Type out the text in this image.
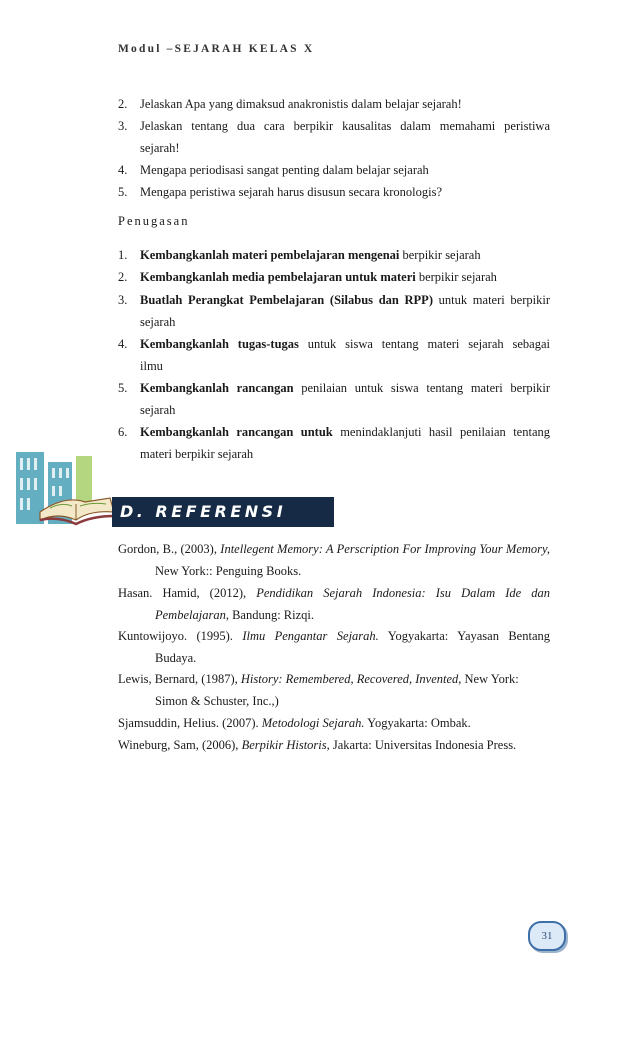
Modul –SEJARAH KELAS X
2.	Jelaskan Apa yang dimaksud anakronistis dalam belajar sejarah!
3.	Jelaskan tentang dua cara berpikir kausalitas dalam memahami peristiwa
sejarah!
4.	Mengapa periodisasi sangat penting dalam belajar sejarah
5.	Mengapa peristiwa sejarah harus disusun secara kronologis?
Penugasan
1.	Kembangkanlah materi pembelajaran mengenai berpikir sejarah
2.	Kembangkanlah media pembelajaran untuk materi berpikir sejarah
3.	Buatlah Perangkat Pembelajaran (Silabus dan RPP) untuk materi berpikir
sejarah
4.	Kembangkanlah tugas-tugas untuk siswa tentang materi sejarah sebagai
ilmu
5.	Kembangkanlah rancangan penilaian untuk siswa tentang materi berpikir
sejarah
6.	Kembangkanlah rancangan untuk menindaklanjuti hasil penilaian tentang
materi berpikir sejarah
D. REFERENSI
Gordon, B., (2003), Intellegent Memory: A Perscription For Improving Your Memory,
New York:: Penguing Books.
Hasan. Hamid, (2012), Pendidikan Sejarah Indonesia: Isu Dalam Ide dan
Pembelajaran, Bandung: Rizqi.
Kuntowijoyo. (1995). Ilmu Pengantar Sejarah. Yogyakarta: Yayasan Bentang
Budaya.
Lewis, Bernard, (1987), History: Remembered, Recovered, Invented, New York:
Simon & Schuster, Inc.,)
Sjamsuddin, Helius. (2007). Metodologi Sejarah. Yogyakarta: Ombak.
Wineburg, Sam, (2006), Berpikir Historis, Jakarta: Universitas Indonesia Press.
31
